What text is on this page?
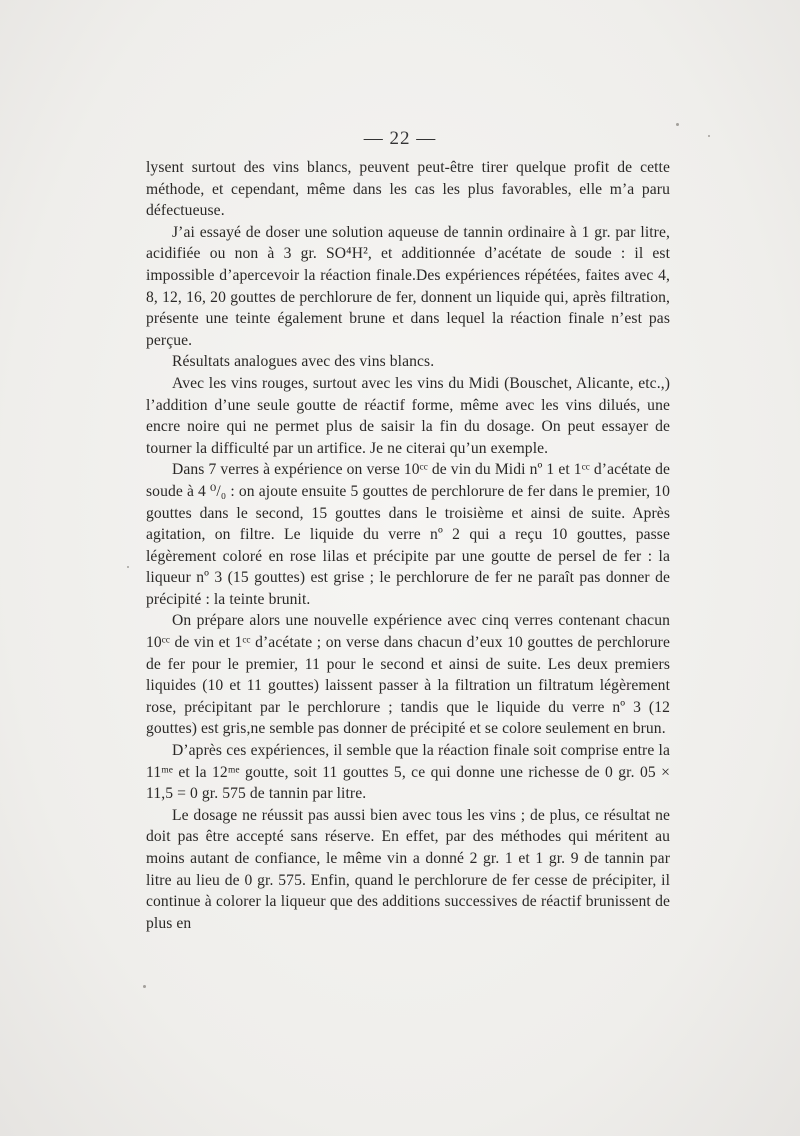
— 22 —

lysent surtout des vins blancs, peuvent peut-être tirer quelque profit de cette méthode, et cependant, même dans les cas les plus favorables, elle m’a paru défectueuse.

J’ai essayé de doser une solution aqueuse de tannin ordinaire à 1 gr. par litre, acidifiée ou non à 3 gr. SO⁴H², et additionnée d’acétate de soude : il est impossible d’apercevoir la réaction finale.Des expériences répétées, faites avec 4, 8, 12, 16, 20 gouttes de perchlorure de fer, donnent un liquide qui, après filtration, présente une teinte également brune et dans lequel la réaction finale n’est pas perçue.

Résultats analogues avec des vins blancs.

Avec les vins rouges, surtout avec les vins du Midi (Bouschet, Alicante, etc.,) l’addition d’une seule goutte de réactif forme, même avec les vins dilués, une encre noire qui ne permet plus de saisir la fin du dosage. On peut essayer de tourner la difficulté par un artifice. Je ne citerai qu’un exemple.

Dans 7 verres à expérience on verse 10ᶜᶜ de vin du Midi nº 1 et 1ᶜᶜ d’acétate de soude à 4 ⁰/₀ : on ajoute ensuite 5 gouttes de perchlorure de fer dans le premier, 10 gouttes dans le second, 15 gouttes dans le troisième et ainsi de suite. Après agitation, on filtre. Le liquide du verre nº 2 qui a reçu 10 gouttes, passe légèrement coloré en rose lilas et précipite par une goutte de persel de fer : la liqueur nº 3 (15 gouttes) est grise ; le perchlorure de fer ne paraît pas donner de précipité : la teinte brunit.

On prépare alors une nouvelle expérience avec cinq verres contenant chacun 10ᶜᶜ de vin et 1ᶜᶜ d’acétate ; on verse dans chacun d’eux 10 gouttes de perchlorure de fer pour le premier, 11 pour le second et ainsi de suite. Les deux premiers liquides (10 et 11 gouttes) laissent passer à la filtration un filtratum légèrement rose, précipitant par le perchlorure ; tandis que le liquide du verre nº 3 (12 gouttes) est gris,ne semble pas donner de précipité et se colore seulement en brun.

D’après ces expériences, il semble que la réaction finale soit comprise entre la 11ᵐᵉ et la 12ᵐᵉ goutte, soit 11 gouttes 5, ce qui donne une richesse de 0 gr. 05 × 11,5 = 0 gr. 575 de tannin par litre.

Le dosage ne réussit pas aussi bien avec tous les vins ; de plus, ce résultat ne doit pas être accepté sans réserve. En effet, par des méthodes qui méritent au moins autant de confiance, le même vin a donné 2 gr. 1 et 1 gr. 9 de tannin par litre au lieu de 0 gr. 575. Enfin, quand le perchlorure de fer cesse de précipiter, il continue à colorer la liqueur que des additions successives de réactif brunissent de plus en
